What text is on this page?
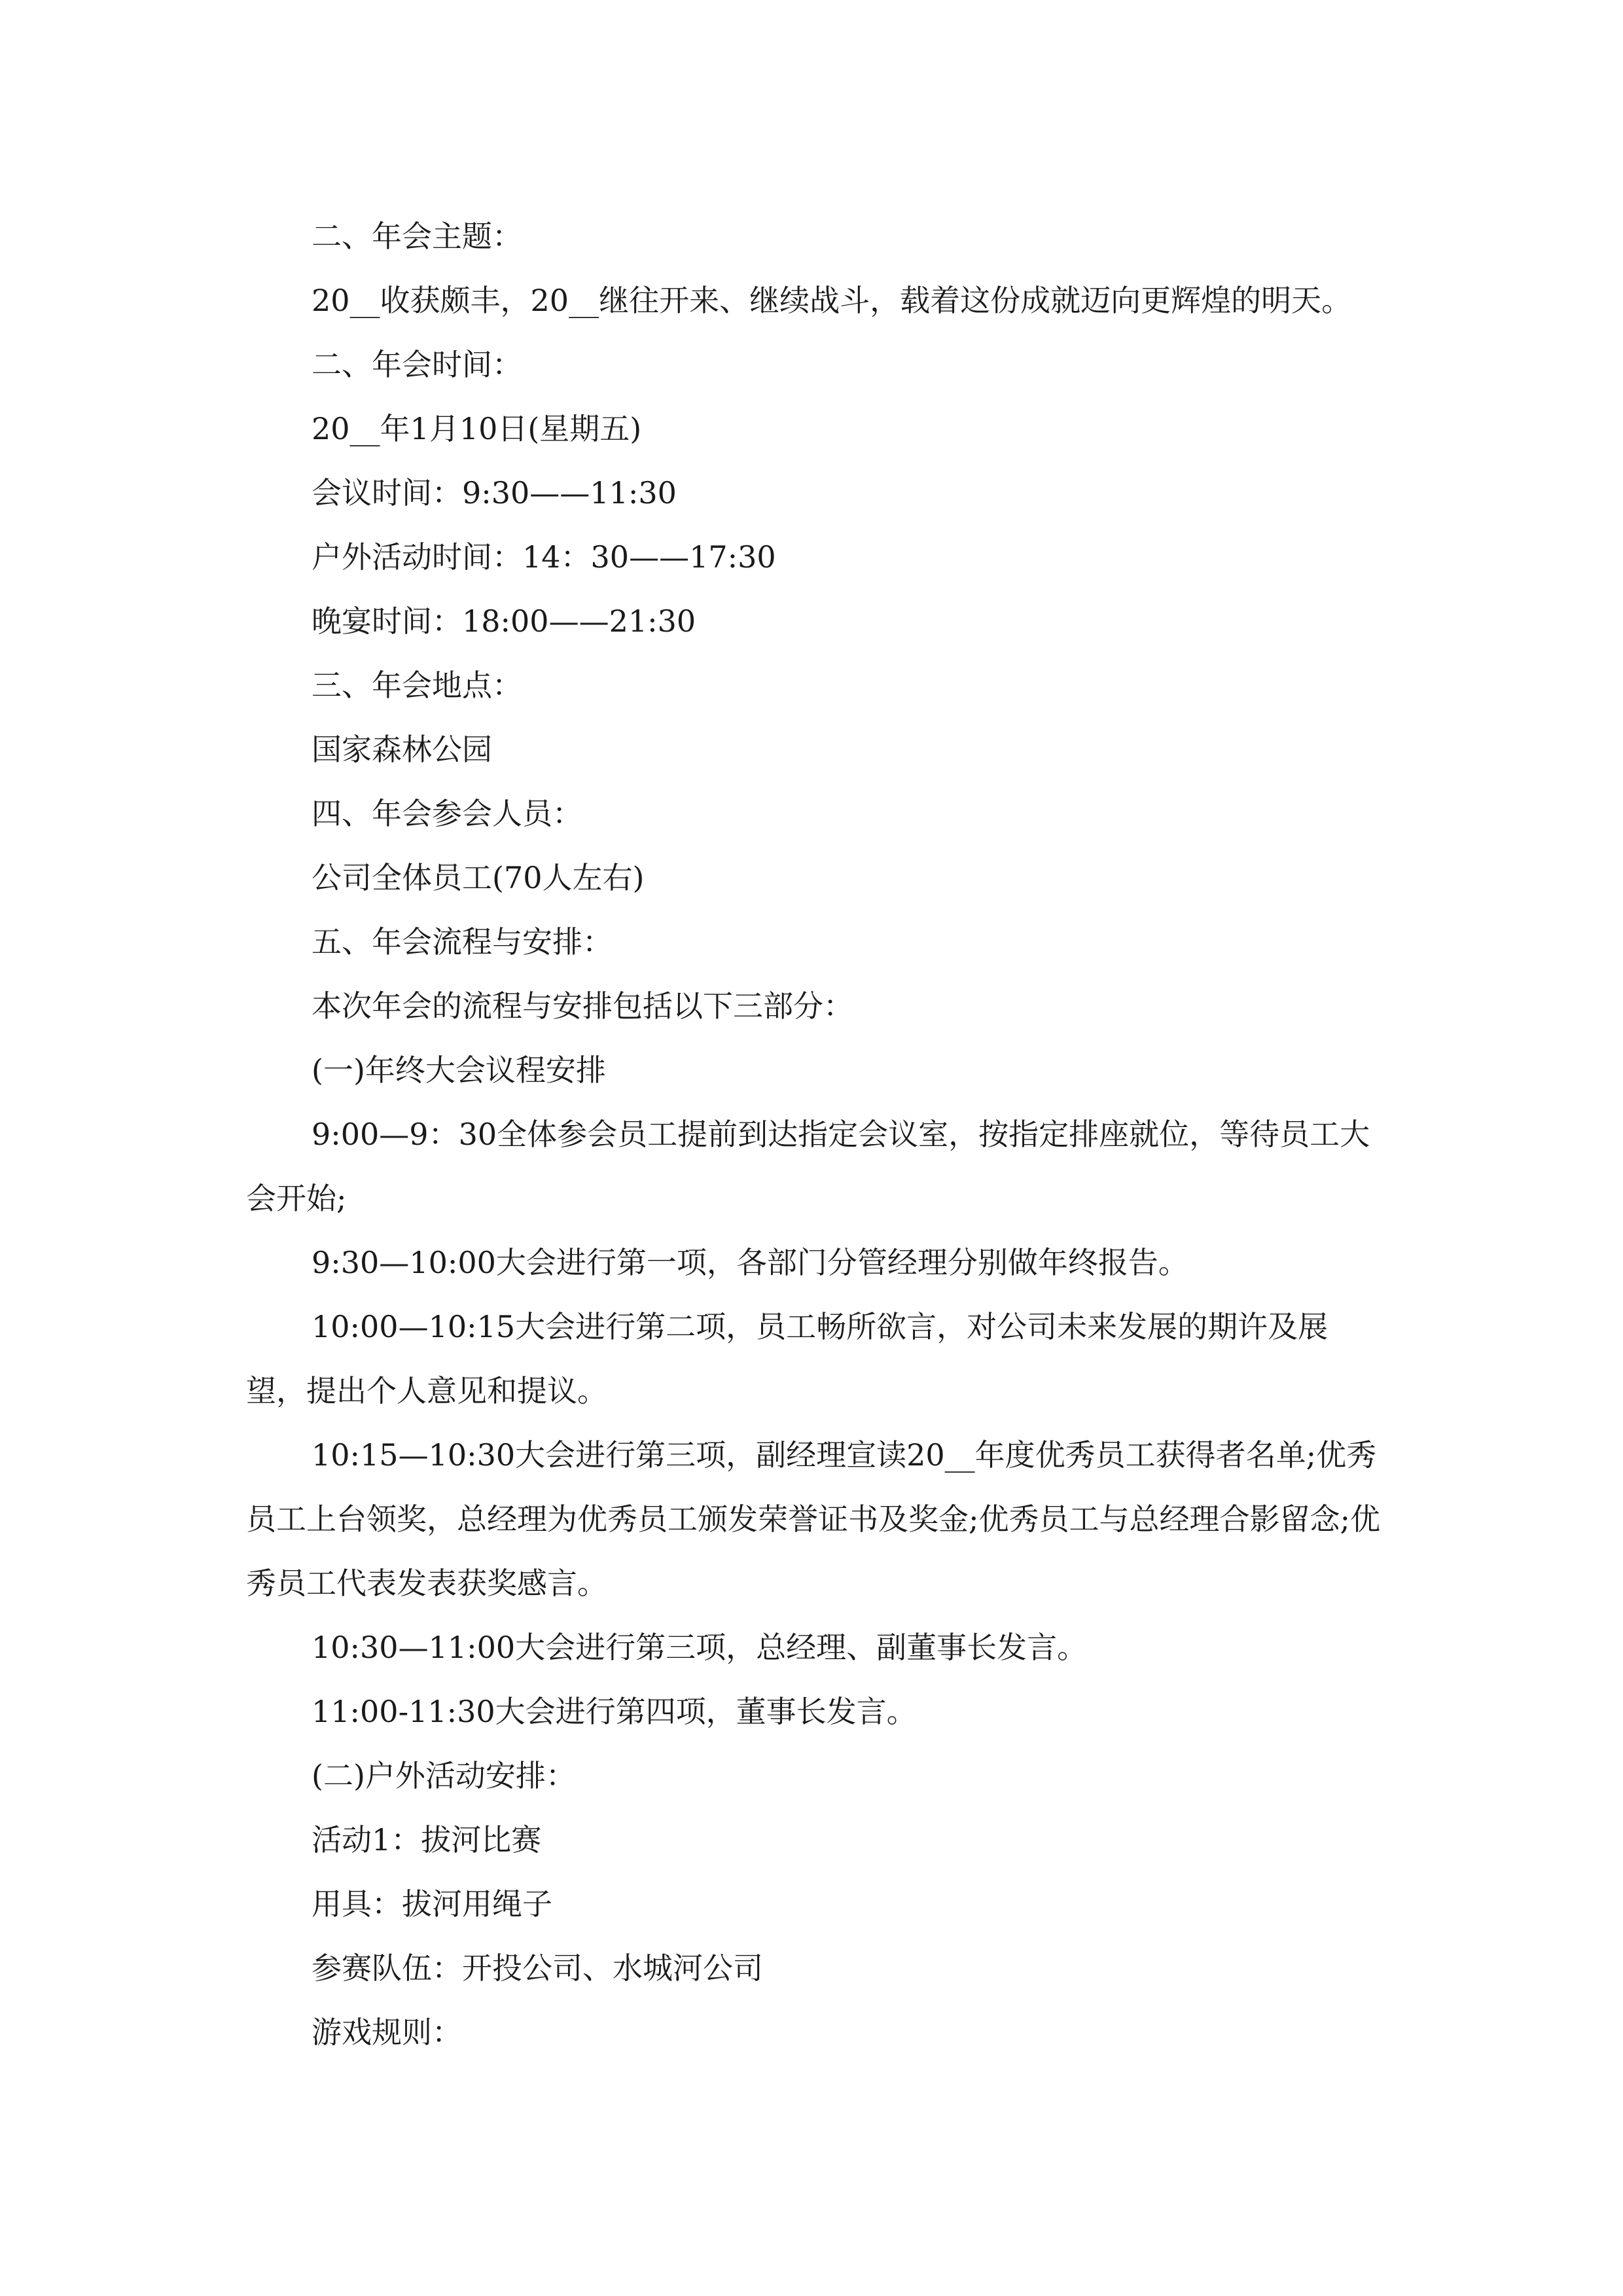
二、年会主题：

20__收获颇丰，20__继往开来、继续战斗，载着这份成就迈向更辉煌的明天。

二、年会时间：

20__年1月10日(星期五)

会议时间：9:30——11:30

户外活动时间：14：30——17:30

晚宴时间：18:00——21:30

三、年会地点：

国家森林公园

四、年会参会人员：

公司全体员工(70人左右)

五、年会流程与安排：

本次年会的流程与安排包括以下三部分：

(一)年终大会议程安排

9:00—9：30全体参会员工提前到达指定会议室，按指定排座就位，等待员工大会开始;

9:30—10:00大会进行第一项，各部门分管经理分别做年终报告。

10:00—10:15大会进行第二项，员工畅所欲言，对公司未来发展的期许及展望，提出个人意见和提议。

10:15—10:30大会进行第三项，副经理宣读20__年度优秀员工获得者名单;优秀员工上台领奖，总经理为优秀员工颁发荣誉证书及奖金;优秀员工与总经理合影留念;优秀员工代表发表获奖感言。

10:30—11:00大会进行第三项，总经理、副董事长发言。

11:00-11:30大会进行第四项，董事长发言。

(二)户外活动安排：

活动1：拔河比赛

用具：拔河用绳子

参赛队伍：开投公司、水城河公司

游戏规则：
